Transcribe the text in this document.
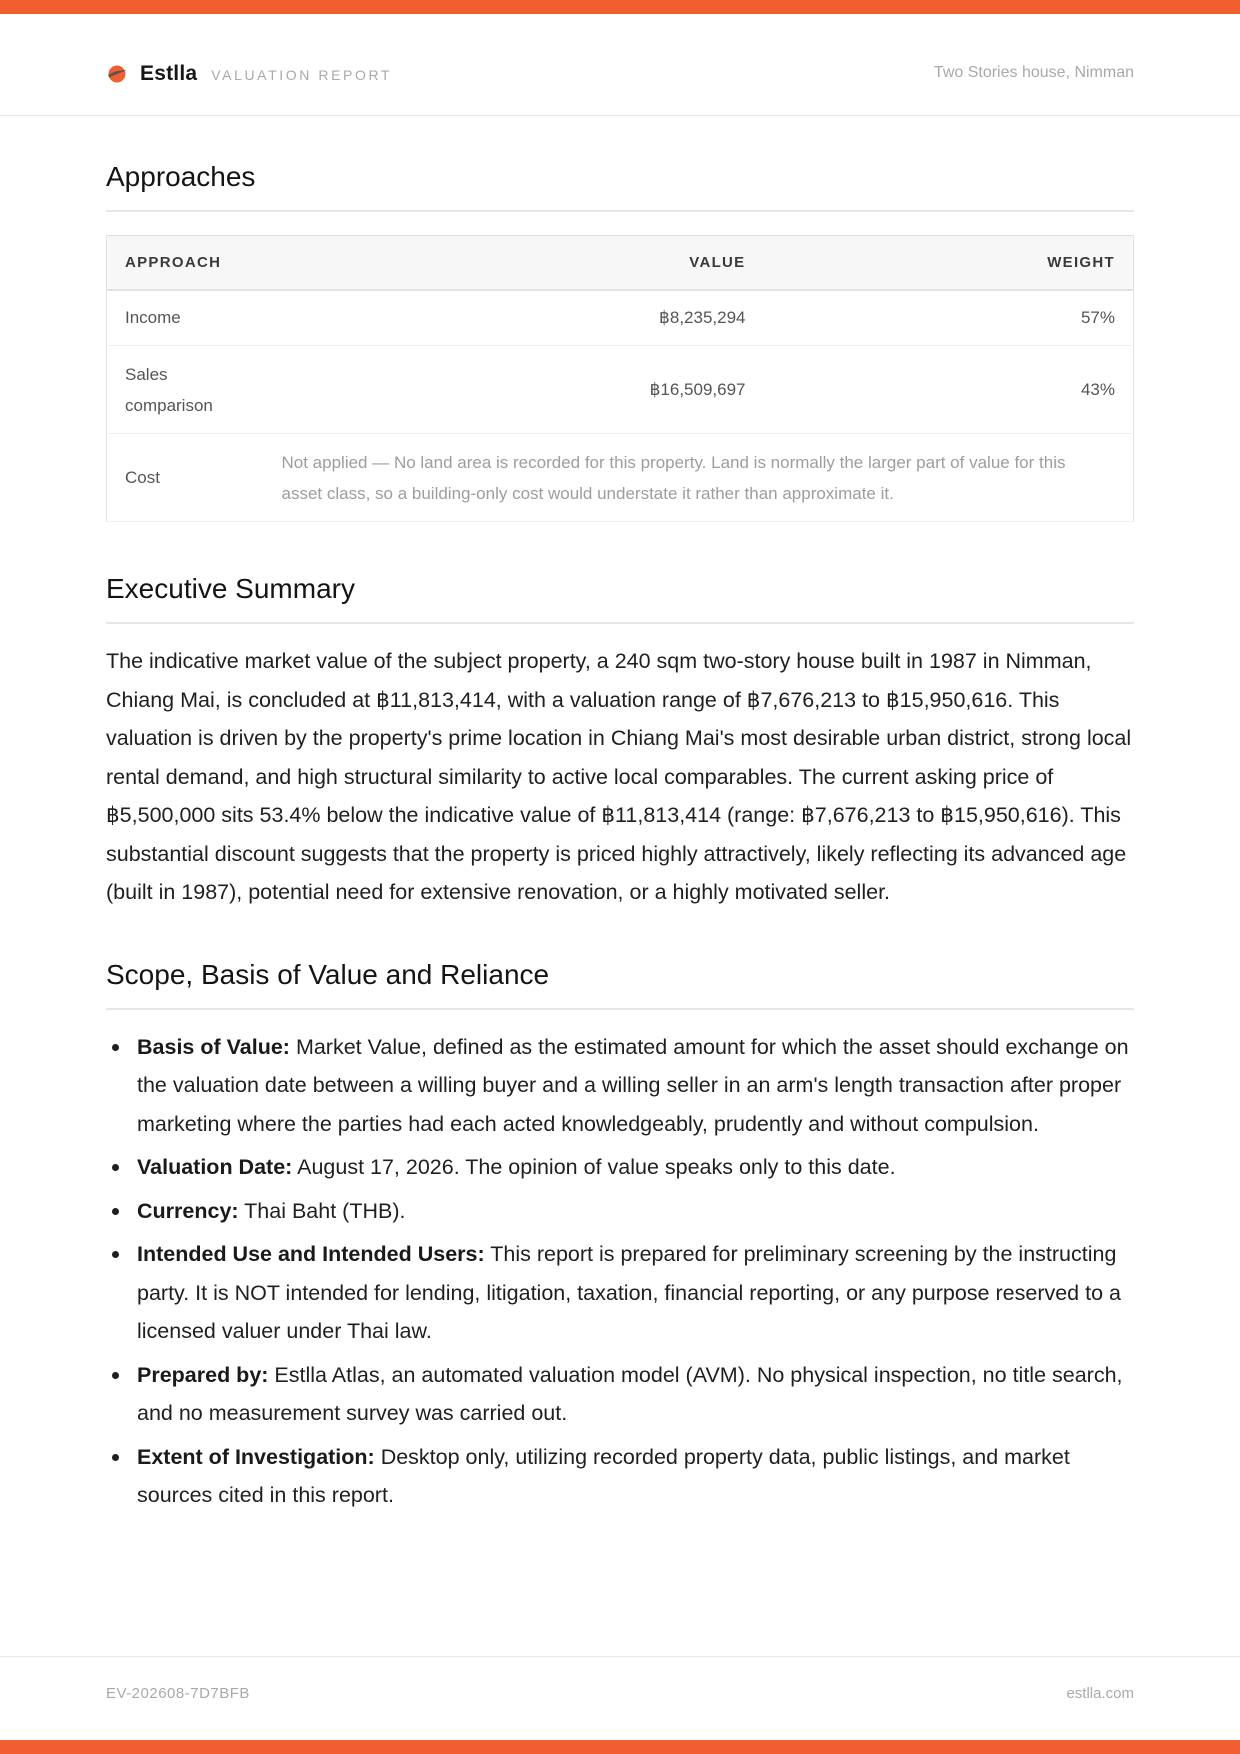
Estlla VALUATION REPORT	Two Stories house, Nimman
Approaches
APPROACH	VALUE	WEIGHT
Income	฿8,235,294	57%
Sales comparison	฿16,509,697	43%
Cost	Not applied — No land area is recorded for this property. Land is normally the larger part of value for this asset class, so a building-only cost would understate it rather than approximate it.	
Executive Summary

The indicative market value of the subject property, a 240 sqm two-story house built in 1987 in Nimman, Chiang Mai, is concluded at ฿11,813,414, with a valuation range of ฿7,676,213 to ฿15,950,616. This valuation is driven by the property's prime location in Chiang Mai's most desirable urban district, strong local rental demand, and high structural similarity to active local comparables. The current asking price of ฿5,500,000 sits 53.4% below the indicative value of ฿11,813,414 (range: ฿7,676,213 to ฿15,950,616). This substantial discount suggests that the property is priced highly attractively, likely reflecting its advanced age (built in 1987), potential need for extensive renovation, or a highly motivated seller.

Scope, Basis of Value and Reliance
Basis of Value: Market Value, defined as the estimated amount for which the asset should exchange on the valuation date between a willing buyer and a willing seller in an arm's length transaction after proper marketing where the parties had each acted knowledgeably, prudently and without compulsion.
Valuation Date: August 17, 2026. The opinion of value speaks only to this date.
Currency: Thai Baht (THB).
Intended Use and Intended Users: This report is prepared for preliminary screening by the instructing party. It is NOT intended for lending, litigation, taxation, financial reporting, or any purpose reserved to a licensed valuer under Thai law.
Prepared by: Estlla Atlas, an automated valuation model (AVM). No physical inspection, no title search, and no measurement survey was carried out.
Extent of Investigation: Desktop only, utilizing recorded property data, public listings, and market sources cited in this report.
EV-202608-7D7BFB	estlla.com
